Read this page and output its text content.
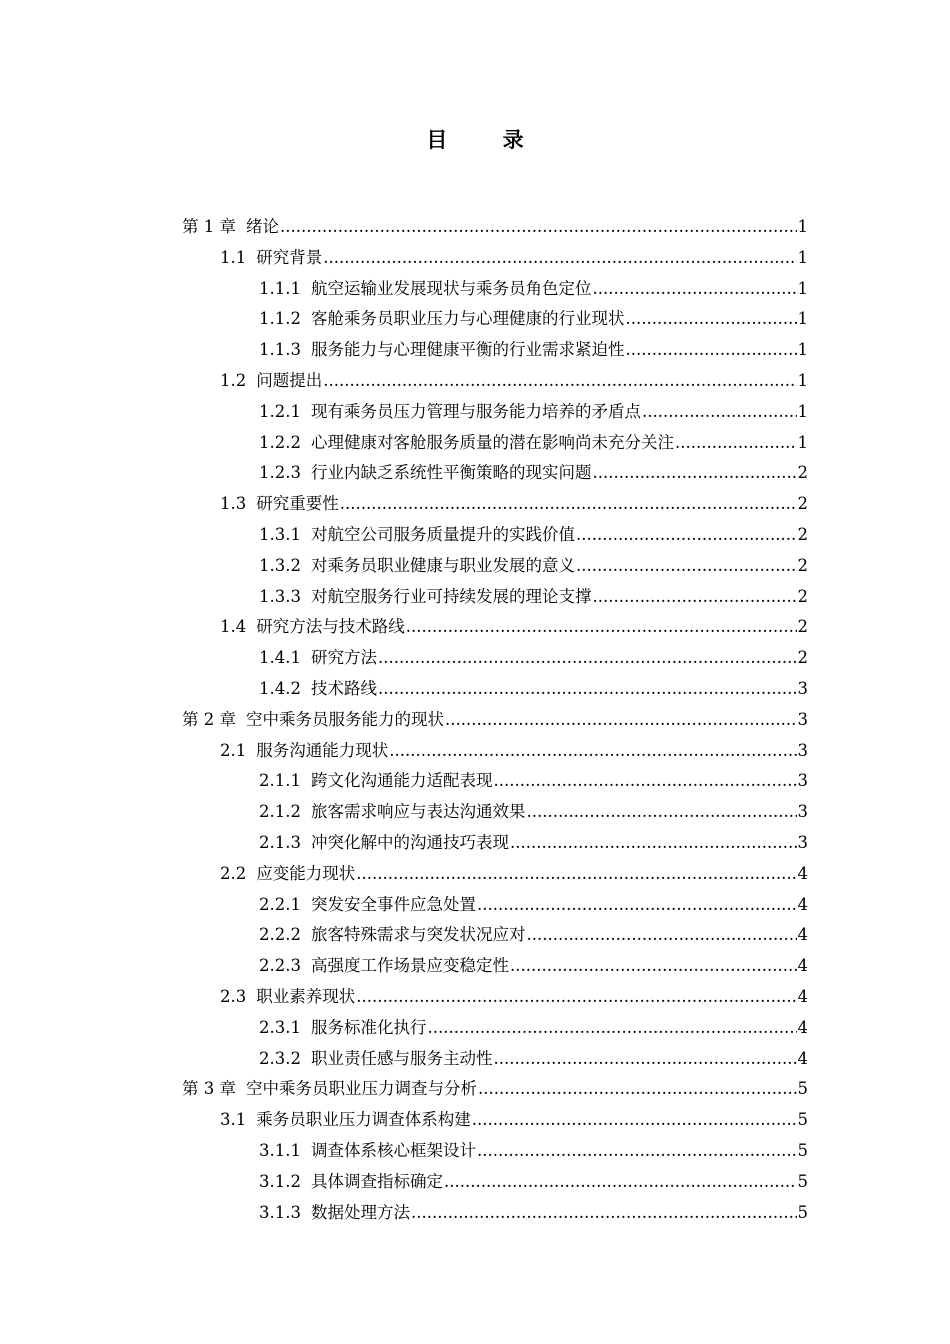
目 录
第 1 章 绪论 .....	1
1.1 研究背景 .....	1
1.1.1 航空运输业发展现状与乘务员角色定位 .....	1
1.1.2 客舱乘务员职业压力与心理健康的行业现状 .....	1
1.1.3 服务能力与心理健康平衡的行业需求紧迫性 .....	1
1.2 问题提出 .....	1
1.2.1 现有乘务员压力管理与服务能力培养的矛盾点 .....	1
1.2.2 心理健康对客舱服务质量的潜在影响尚未充分关注 .....	1
1.2.3 行业内缺乏系统性平衡策略的现实问题 .....	2
1.3 研究重要性 .....	2
1.3.1 对航空公司服务质量提升的实践价值 .....	2
1.3.2 对乘务员职业健康与职业发展的意义 .....	2
1.3.3 对航空服务行业可持续发展的理论支撑 .....	2
1.4 研究方法与技术路线 .....	2
1.4.1 研究方法 .....	2
1.4.2 技术路线 .....	3
第 2 章 空中乘务员服务能力的现状 .....	3
2.1 服务沟通能力现状 .....	3
2.1.1 跨文化沟通能力适配表现 .....	3
2.1.2 旅客需求响应与表达沟通效果 .....	3
2.1.3 冲突化解中的沟通技巧表现 .....	3
2.2 应变能力现状 .....	4
2.2.1 突发安全事件应急处置 .....	4
2.2.2 旅客特殊需求与突发状况应对 .....	4
2.2.3 高强度工作场景应变稳定性 .....	4
2.3 职业素养现状 .....	4
2.3.1 服务标准化执行 .....	4
2.3.2 职业责任感与服务主动性 .....	4
第 3 章 空中乘务员职业压力调查与分析 .....	5
3.1 乘务员职业压力调查体系构建 .....	5
3.1.1 调查体系核心框架设计 .....	5
3.1.2 具体调查指标确定 .....	5
3.1.3 数据处理方法 .....	5
